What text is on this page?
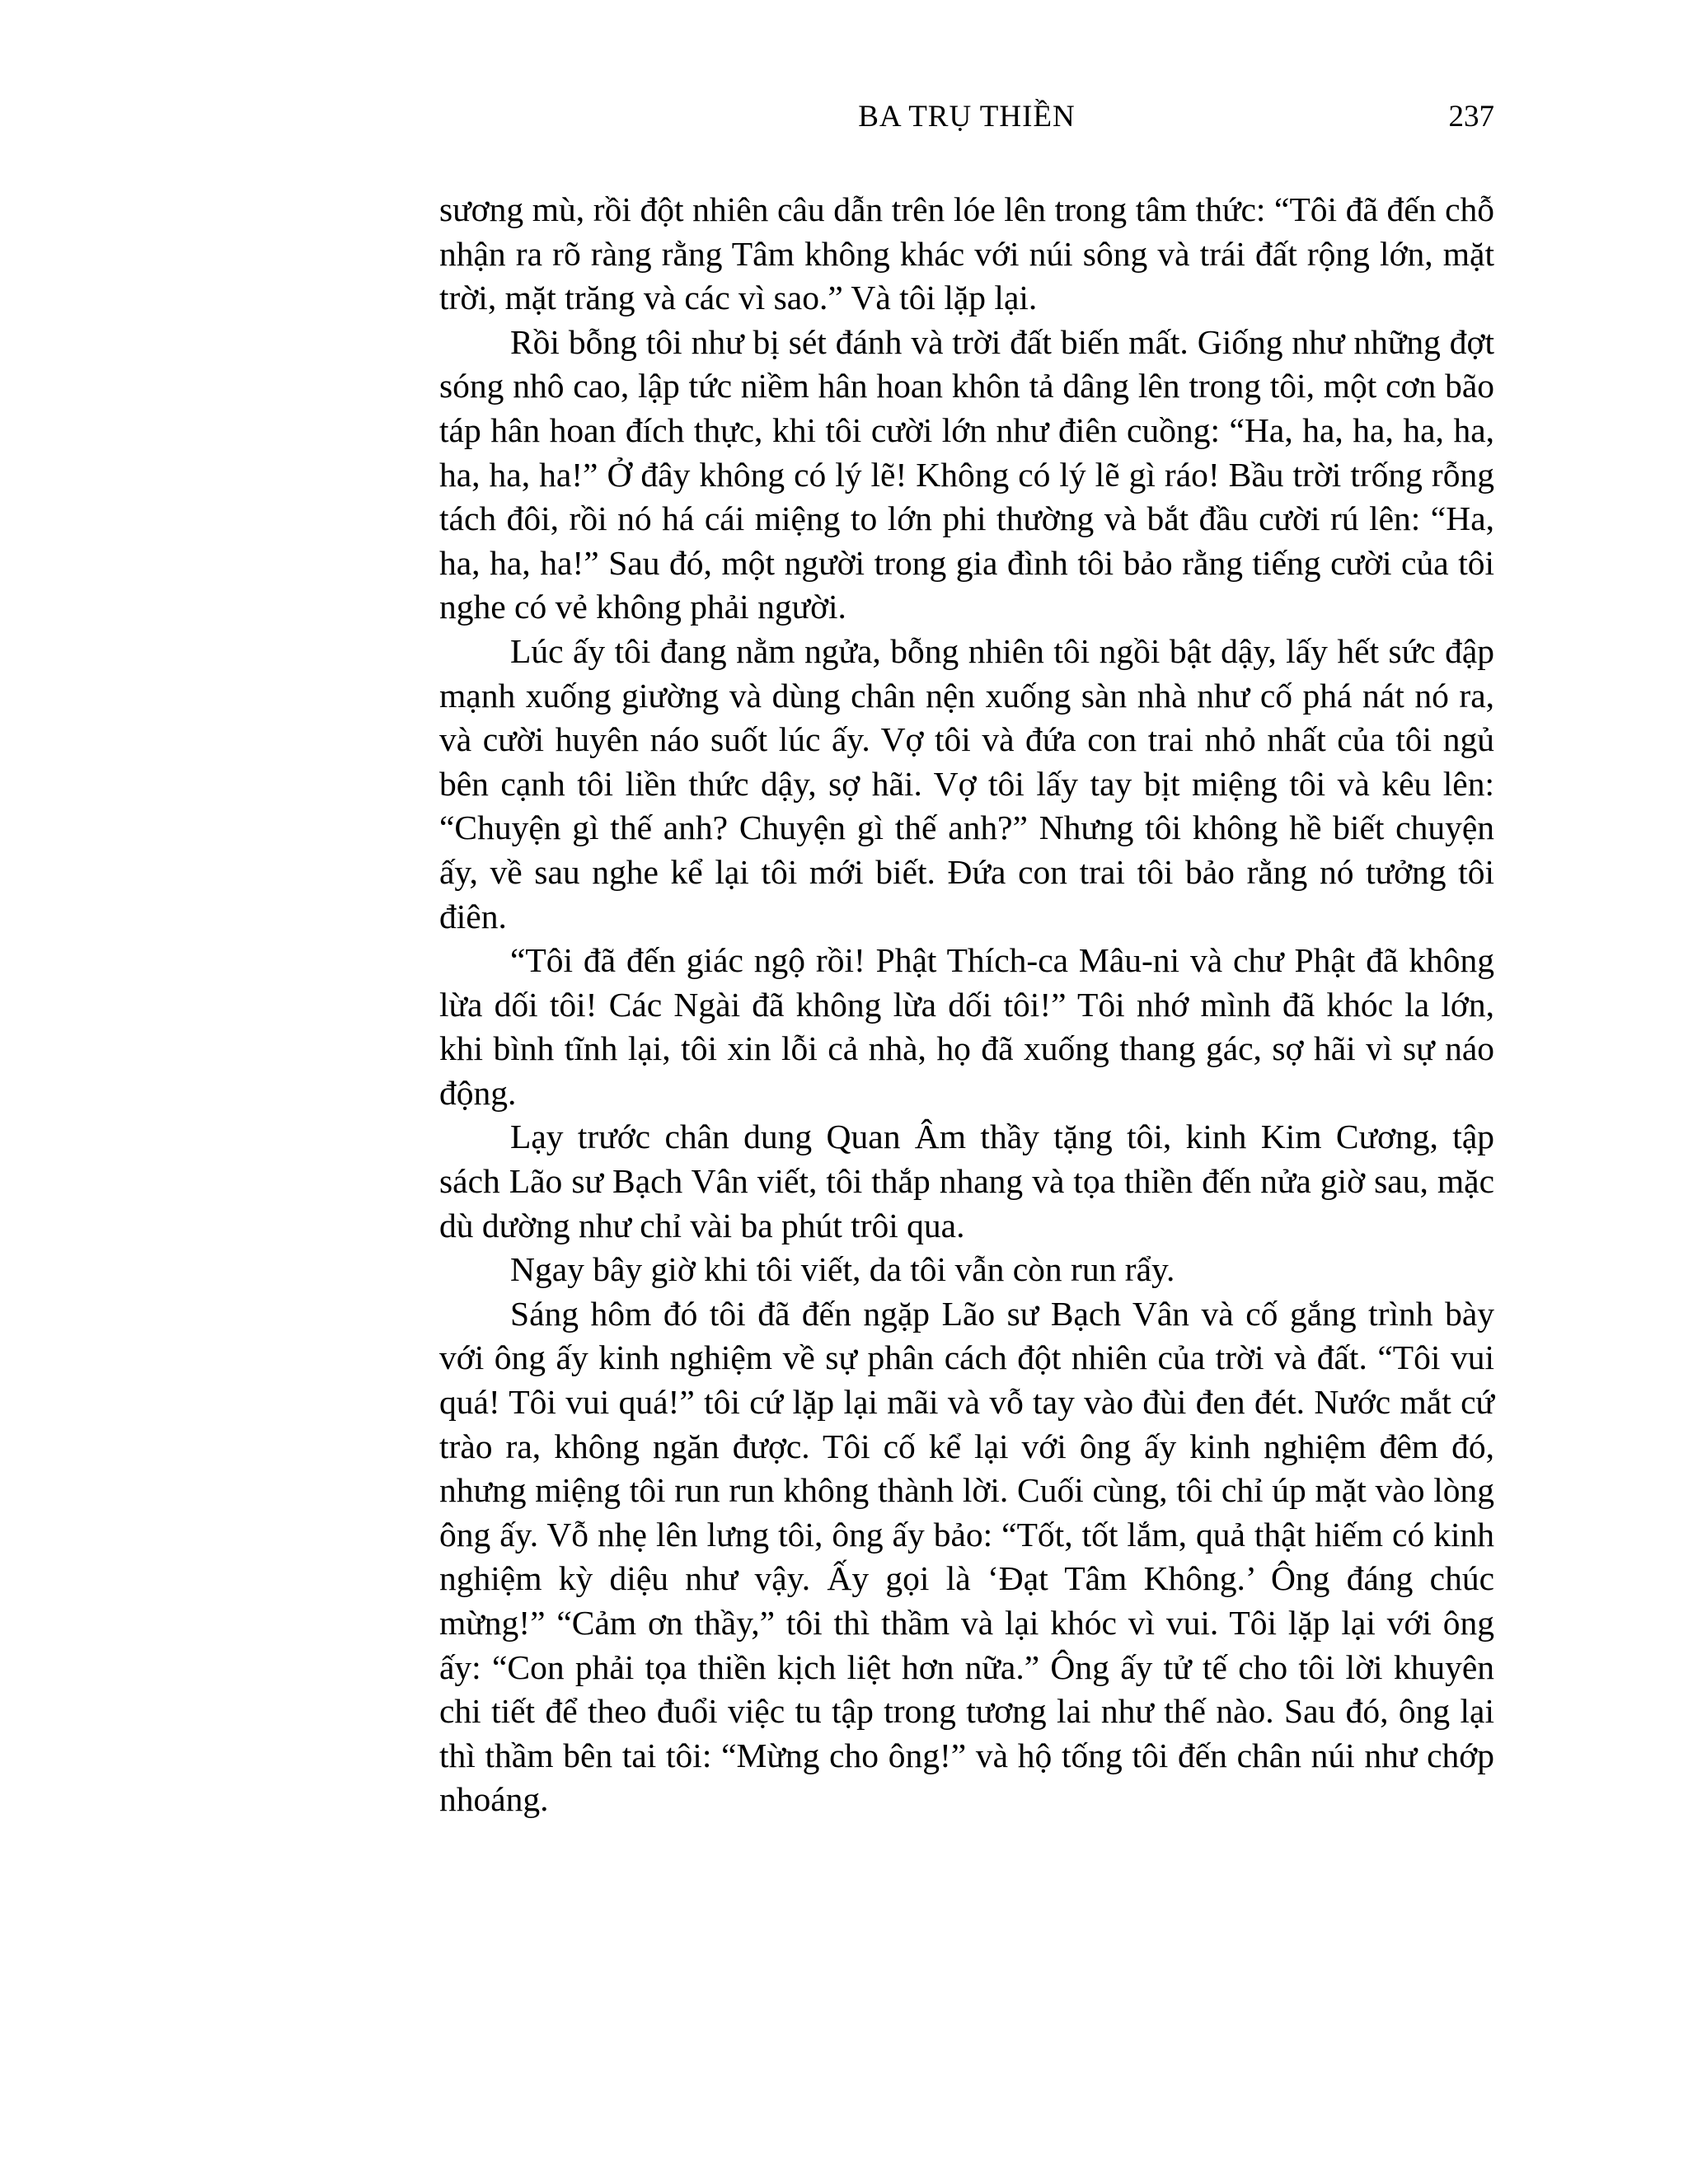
BA TRỤ THIỀN	237

sương mù, rồi đột nhiên câu dẫn trên lóe lên trong tâm thức: “Tôi đã đến chỗ nhận ra rõ ràng rằng Tâm không khác với núi sông và trái đất rộng lớn, mặt trời, mặt trăng và các vì sao.” Và tôi lặp lại.

Rồi bỗng tôi như bị sét đánh và trời đất biến mất. Giống như những đợt sóng nhô cao, lập tức niềm hân hoan khôn tả dâng lên trong tôi, một cơn bão táp hân hoan đích thực, khi tôi cười lớn như điên cuồng: “Ha, ha, ha, ha, ha, ha, ha, ha!” Ở đây không có lý lẽ! Không có lý lẽ gì ráo! Bầu trời trống rỗng tách đôi, rồi nó há cái miệng to lớn phi thường và bắt đầu cười rú lên: “Ha, ha, ha, ha!” Sau đó, một người trong gia đình tôi bảo rằng tiếng cười của tôi nghe có vẻ không phải người.

Lúc ấy tôi đang nằm ngửa, bỗng nhiên tôi ngồi bật dậy, lấy hết sức đập mạnh xuống giường và dùng chân nện xuống sàn nhà như cố phá nát nó ra, và cười huyên náo suốt lúc ấy. Vợ tôi và đứa con trai nhỏ nhất của tôi ngủ bên cạnh tôi liền thức dậy, sợ hãi. Vợ tôi lấy tay bịt miệng tôi và kêu lên: “Chuyện gì thế anh? Chuyện gì thế anh?” Nhưng tôi không hề biết chuyện ấy, về sau nghe kể lại tôi mới biết. Đứa con trai tôi bảo rằng nó tưởng tôi điên.

“Tôi đã đến giác ngộ rồi! Phật Thích-ca Mâu-ni và chư Phật đã không lừa dối tôi! Các Ngài đã không lừa dối tôi!” Tôi nhớ mình đã khóc la lớn, khi bình tĩnh lại, tôi xin lỗi cả nhà, họ đã xuống thang gác, sợ hãi vì sự náo động.

Lạy trước chân dung Quan Âm thầy tặng tôi, kinh Kim Cương, tập sách Lão sư Bạch Vân viết, tôi thắp nhang và tọa thiền đến nửa giờ sau, mặc dù dường như chỉ vài ba phút trôi qua.

Ngay bây giờ khi tôi viết, da tôi vẫn còn run rẩy.

Sáng hôm đó tôi đã đến ngặp Lão sư Bạch Vân và cố gắng trình bày với ông ấy kinh nghiệm về sự phân cách đột nhiên của trời và đất. “Tôi vui quá! Tôi vui quá!” tôi cứ lặp lại mãi và vỗ tay vào đùi đen đét. Nước mắt cứ trào ra, không ngăn được. Tôi cố kể lại với ông ấy kinh nghiệm đêm đó, nhưng miệng tôi run run không thành lời. Cuối cùng, tôi chỉ úp mặt vào lòng ông ấy. Vỗ nhẹ lên lưng tôi, ông ấy bảo: “Tốt, tốt lắm, quả thật hiếm có kinh nghiệm kỳ diệu như vậy. Ấy gọi là ‘Đạt Tâm Không.’ Ông đáng chúc mừng!” “Cảm ơn thầy,” tôi thì thầm và lại khóc vì vui. Tôi lặp lại với ông ấy: “Con phải tọa thiền kịch liệt hơn nữa.” Ông ấy tử tế cho tôi lời khuyên chi tiết để theo đuổi việc tu tập trong tương lai như thế nào. Sau đó, ông lại thì thầm bên tai tôi: “Mừng cho ông!” và hộ tống tôi đến chân núi như chớp nhoáng.
